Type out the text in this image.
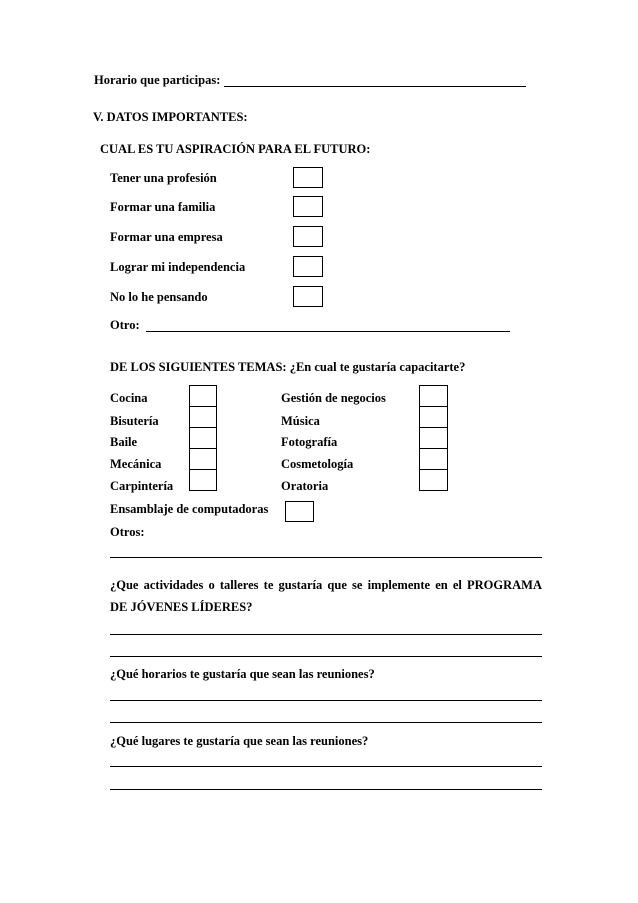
Horario que participas:
V. DATOS IMPORTANTES:
CUAL ES TU ASPIRACIÓN PARA EL FUTURO:
Tener una profesión
Formar una familia
Formar una empresa
Lograr mi independencia
No lo he pensando
Otro:
DE LOS SIGUIENTES TEMAS: ¿En cual te gustaría capacitarte?
Cocina
Bisutería
Baile
Mecánica
Carpintería
Gestión de negocios
Música
Fotografía
Cosmetología
Oratoria
Ensamblaje de computadoras
Otros:
¿Que actividades o talleres te gustaría que se implemente en el PROGRAMA
DE JÓVENES LÍDERES?
¿Qué horarios te gustaría que sean las reuniones?
¿Qué lugares te gustaría que sean las reuniones?
